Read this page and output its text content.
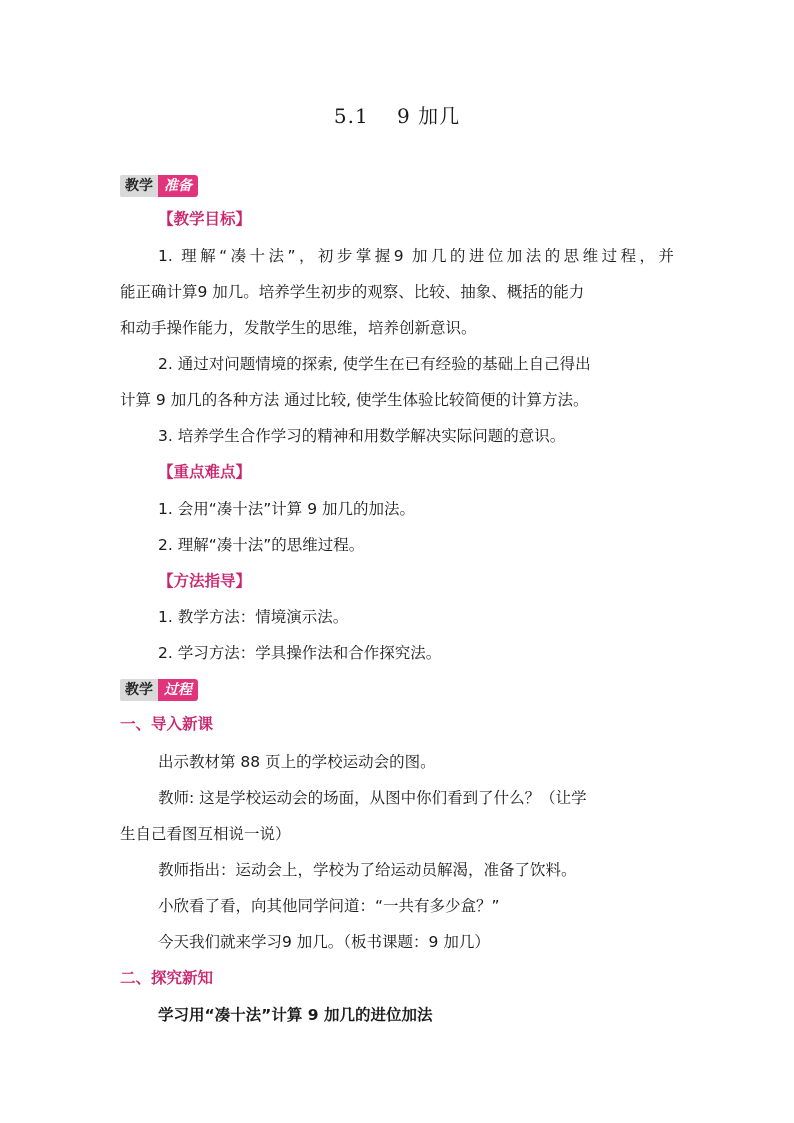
5.1　 9 加几
教学 准备
【教学目标】
1. 理解“凑十法”，初步掌握9 加几的进位加法的思维过程，并
能正确计算9 加几。培养学生初步的观察、比较、抽象、概括的能力
和动手操作能力，发散学生的思维，培养创新意识。
2. 通过对问题情境的探索, 使学生在已有经验的基础上自己得出
计算 9 加几的各种方法 通过比较, 使学生体验比较简便的计算方法。
3. 培养学生合作学习的精神和用数学解决实际问题的意识。
【重点难点】
1. 会用“凑十法”计算 9 加几的加法。
2. 理解“凑十法”的思维过程。
【方法指导】
1. 教学方法：情境演示法。
2. 学习方法：学具操作法和合作探究法。
教学 过程
一、导入新课
出示教材第 88 页上的学校运动会的图。
教师: 这是学校运动会的场面，从图中你们看到了什么？（让学
生自己看图互相说一说）
教师指出：运动会上，学校为了给运动员解渴，准备了饮料。
小欣看了看，向其他同学问道：“一共有多少盒？”
今天我们就来学习9 加几。（板书课题：9 加几）
二、探究新知
学习用“凑十法”计算 9 加几的进位加法
